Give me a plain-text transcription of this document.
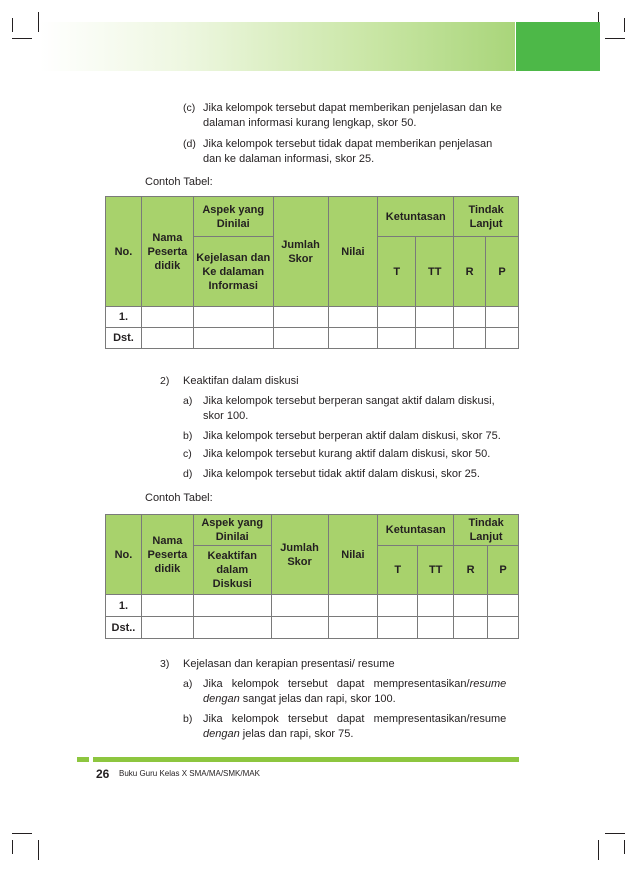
(c) Jika kelompok tersebut dapat memberikan penjelasan dan ke
dalaman informasi kurang lengkap, skor 50.
(d) Jika kelompok tersebut tidak dapat memberikan penjelasan
dan ke dalaman informasi, skor 25.
Contoh Tabel:
No.	Nama Peserta didik	Aspek yang Dinilai	Jumlah Skor	Nilai	Ketuntasan		Tindak Lanjut	
		Kejelasan dan Ke dalaman Informasi			T	TT	R	P
1.								
Dst.								
2) Keaktifan dalam diskusi
a) Jika kelompok tersebut berperan sangat aktif dalam diskusi,
skor 100.
b) Jika kelompok tersebut berperan aktif dalam diskusi, skor 75.
c) Jika kelompok tersebut kurang aktif dalam diskusi, skor 50.
d) Jika kelompok tersebut tidak aktif dalam diskusi, skor 25.
Contoh Tabel:
No.	Nama Peserta didik	Aspek yang Dinilai	Jumlah Skor	Nilai	Ketuntasan		Tindak Lanjut	
		Keaktifan dalam Diskusi			T	TT	R	P
1.								
Dst..								
3) Kejelasan dan kerapian presentasi/ resume
a) Jika   kelompok   tersebut   dapat   mempresentasikan/resume
dengan sangat jelas dan rapi, skor 100.
b) Jika   kelompok   tersebut   dapat   mempresentasikan/resume
dengan jelas dan rapi, skor 75.
26 Buku Guru Kelas X SMA/MA/SMK/MAK
